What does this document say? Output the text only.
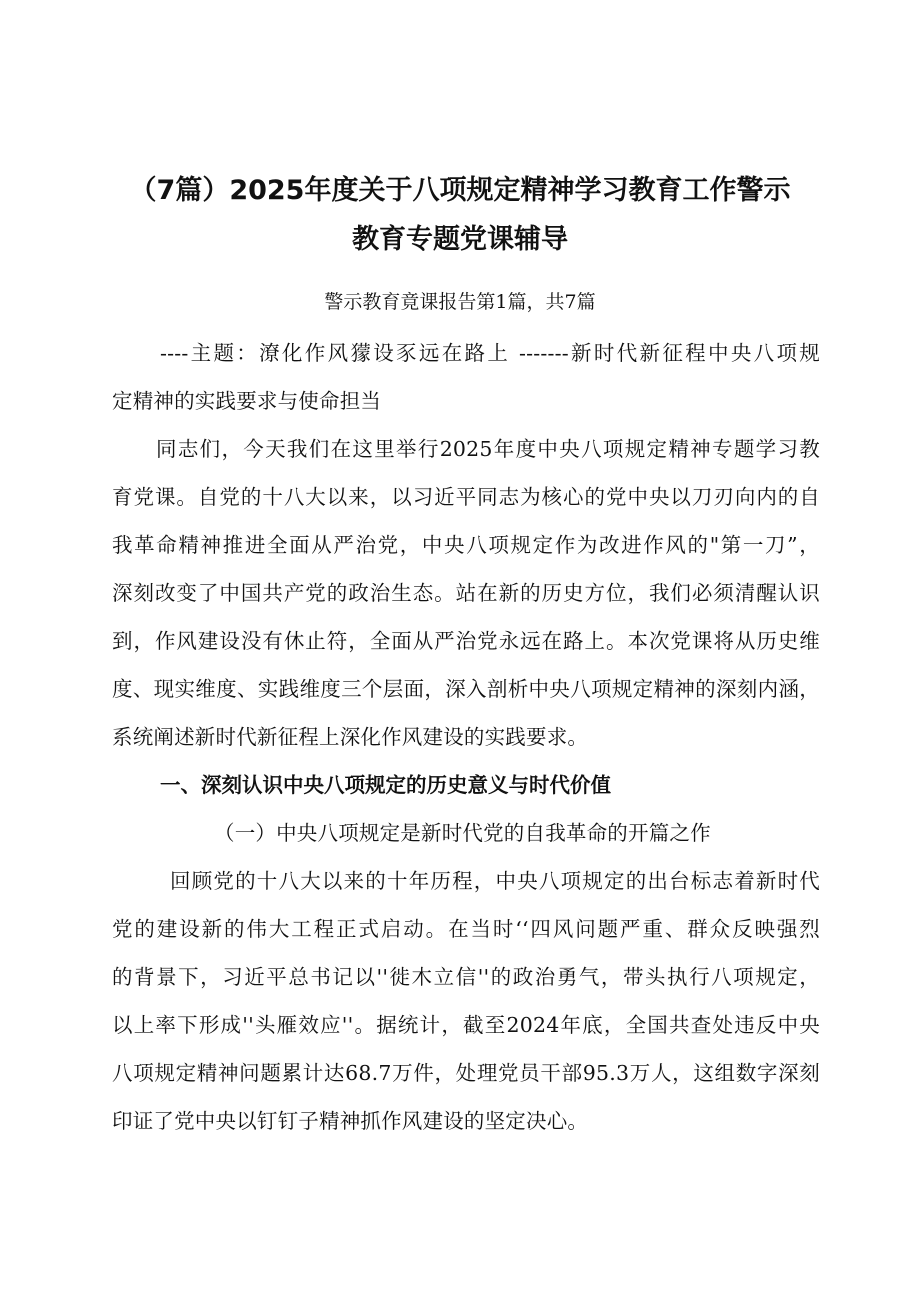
（7篇）2025年度关于八项规定精神学习教育工作警示
教育专题党课辅导
警示教育竟课报告第1篇，共7篇
----主题：潦化作风獴设豕远在路上 -------新时代新征程中央八项规
定精神的实践要求与使命担当
同志们，今天我们在这里举行2025年度中央八项规定精神专题学习教
育党课。自党的十八大以来，以习近平同志为核心的党中央以刀刃向内的自
我革命精神推进全面从严治党，中央八项规定作为改进作风的"第一刀”，
深刻改变了中国共产党的政治生态。站在新的历史方位，我们必须清醒认识
到，作风建设没有休止符，全面从严治党永远在路上。本次党课将从历史维
度、现实维度、实践维度三个层面，深入剖析中央八项规定精神的深刻内涵，
系统阐述新时代新征程上深化作风建设的实践要求。
一、深刻认识中央八项规定的历史意义与时代价值
（一）中央八项规定是新时代党的自我革命的开篇之作
回顾党的十八大以来的十年历程，中央八项规定的出台标志着新时代
党的建设新的伟大工程正式启动。在当时‘‘四风问题严重、群众反映强烈
的背景下，习近平总书记以''徙木立信''的政治勇气，带头执行八项规定，
以上率下形成''头雁效应''。据统计，截至2024年底，全国共查处违反中央
八项规定精神问题累计达68.7万件，处理党员干部95.3万人，这组数字深刻
印证了党中央以钉钉子精神抓作风建设的坚定决心。
